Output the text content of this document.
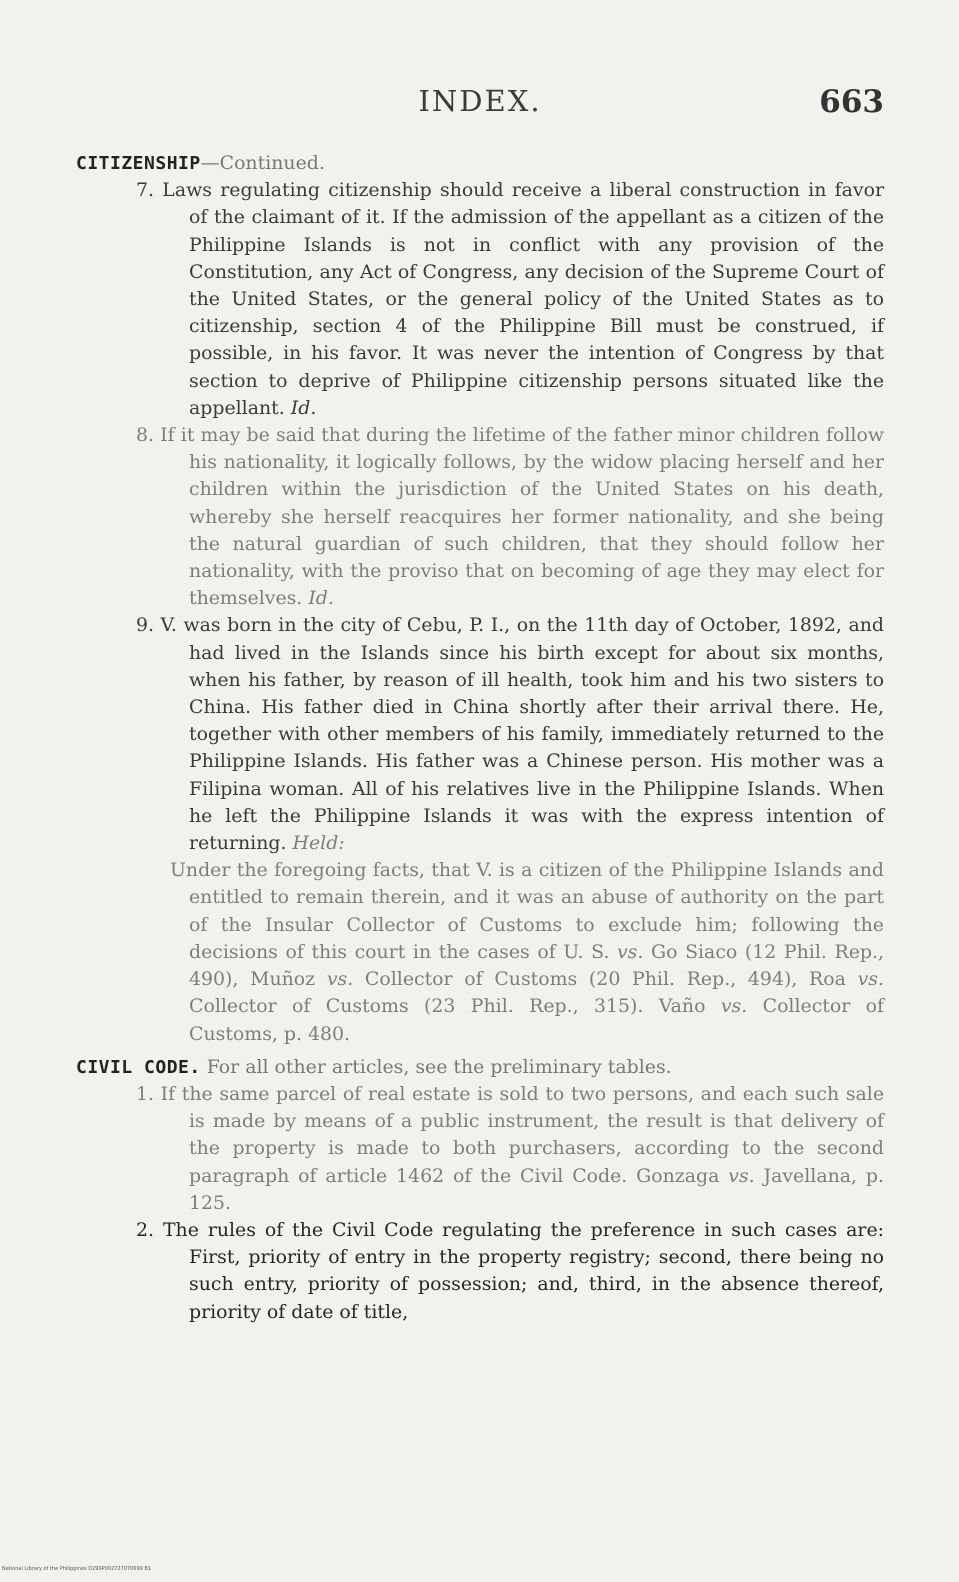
INDEX.	663

CITIZENSHIP—Continued.

7. Laws regulating citizenship should receive a liberal construction in favor of the claimant of it. If the admission of the appellant as a citizen of the Philippine Islands is not in conflict with any provision of the Constitution, any Act of Congress, any decision of the Supreme Court of the United States, or the general policy of the United States as to citizenship, section 4 of the Philippine Bill must be construed, if possible, in his favor. It was never the intention of Congress by that section to deprive of Philippine citizenship persons situated like the appellant. Id.

8. If it may be said that during the lifetime of the father minor children follow his nationality, it logically follows, by the widow placing herself and her children within the jurisdiction of the United States on his death, whereby she herself reacquires her former nationality, and she being the natural guardian of such children, that they should follow her nationality, with the proviso that on becoming of age they may elect for themselves. Id.

9. V. was born in the city of Cebu, P. I., on the 11th day of October, 1892, and had lived in the Islands since his birth except for about six months, when his father, by reason of ill health, took him and his two sisters to China. His father died in China shortly after their arrival there. He, together with other members of his family, immediately returned to the Philippine Islands. His father was a Chinese person. His mother was a Filipina woman. All of his relatives live in the Philippine Islands. When he left the Philippine Islands it was with the express intention of returning. Held:

Under the foregoing facts, that V. is a citizen of the Philippine Islands and entitled to remain therein, and it was an abuse of authority on the part of the Insular Collector of Customs to exclude him; following the decisions of this court in the cases of U. S. vs. Go Siaco (12 Phil. Rep., 490), Muñoz vs. Collector of Customs (20 Phil. Rep., 494), Roa vs. Collector of Customs (23 Phil. Rep., 315). Vaño vs. Collector of Customs, p. 480.

CIVIL CODE. For all other articles, see the preliminary tables.

1. If the same parcel of real estate is sold to two persons, and each such sale is made by means of a public instrument, the result is that delivery of the property is made to both purchasers, according to the second paragraph of article 1462 of the Civil Code. Gonzaga vs. Javellana, p. 125.

2. The rules of the Civil Code regulating the preference in such cases are: First, priority of entry in the property registry; second, there being no such entry, priority of possession; and, third, in the absence thereof, priority of date of title,

National Library of the Philippines D299P002727070699 B1
